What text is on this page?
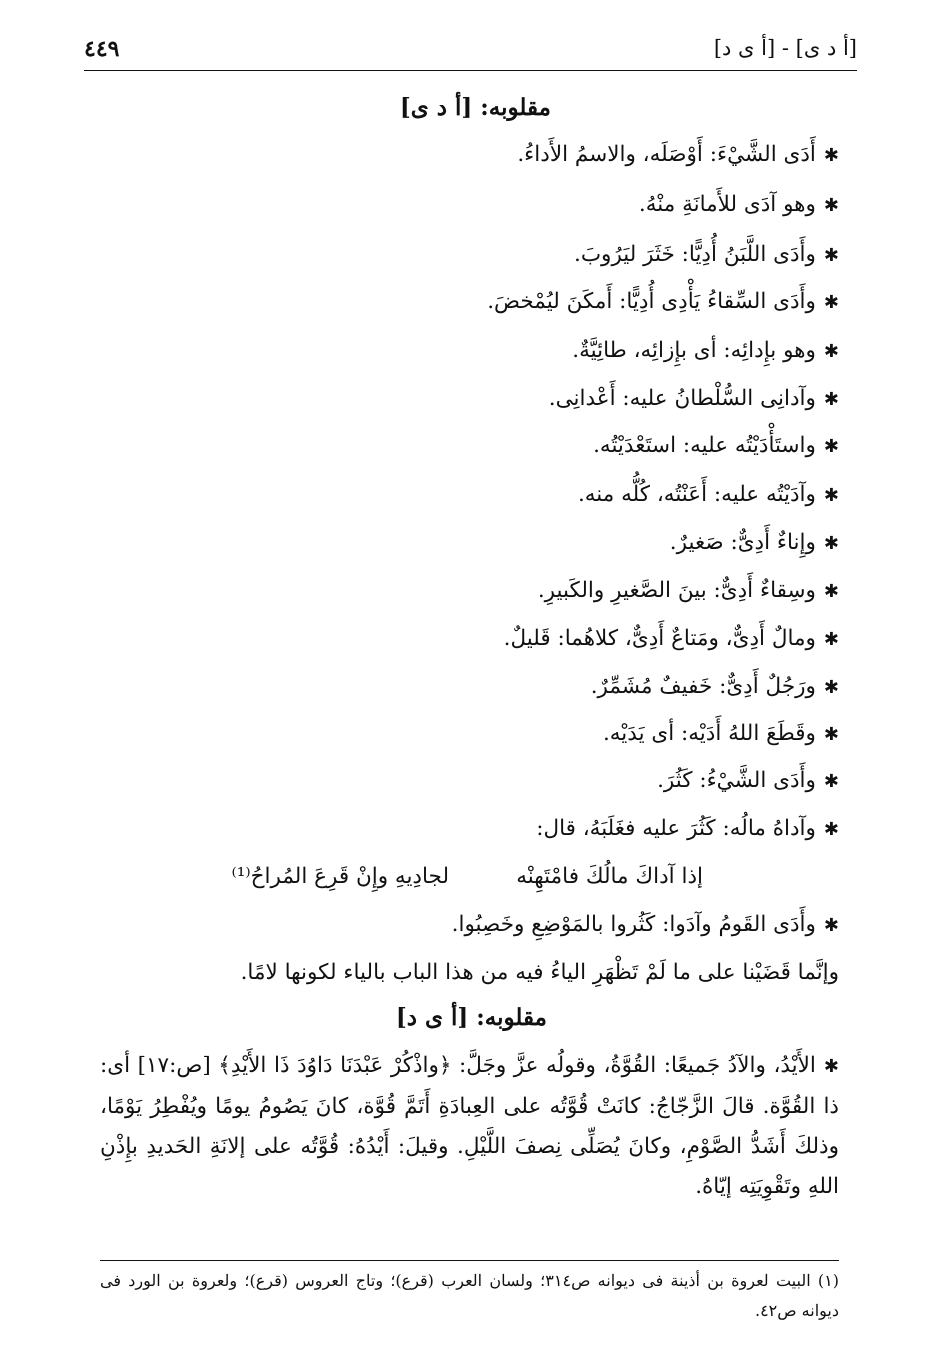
[أ د ى] - [أ ى د]
٤٤٩
مقلوبه: [أ د ى]
✱أَدَى الشَّيْءَ: أَوْصَلَه، والاسمُ الأَداءُ.
✱وهو آدَى للأَمانَةِ منْهُ.
✱وأَدَى اللَّبَنُ أُدِيًّا: خَثَرَ ليَرُوبَ.
✱وأَدَى السِّقاءُ يَأْدِى أُدِيًّا: أَمكَنَ ليُمْخضَ.
✱وهو بإِدائِه: أى بإِزائِه، طائِيَّةٌ.
✱وآدانِى السُّلْطانُ عليه: أَعْدانِى.
✱واستَأْدَيْتُه عليه: استَعْدَيْتُه.
✱وآدَيْتُه عليه: أَعَنْتُه، كُلُّه منه.
✱وإِناءٌ أَدِىٌّ: صَغيرٌ.
✱وسِقاءٌ أَدِىٌّ: بينَ الصَّغيرِ والكَبيرِ.
✱ومالٌ أَدِىٌّ، ومَتاعٌ أَدِىٌّ، كلاهُما: قَليلٌ.
✱ورَجُلٌ أَدِىٌّ: خَفيفٌ مُشَمِّرٌ.
✱وقَطَعَ اللهُ أَدَيْه: أى يَدَيْه.
✱وأَدَى الشَّيْءُ: كَثُرَ.
✱وآداهُ مالُه: كَثُرَ عليه فغَلَبَهُ، قال:
إذا آداكَ مالُكَ فامْتَهِنْه
لجادِيهِ وإِنْ قَرِعَ المُراحُ⁽¹⁾
✱وأَدَى القَومُ وآدَوا: كَثُروا بالمَوْضِعِ وخَصِبُوا.
وإنَّما قَضَيْنا على ما لَمْ تَظْهَرِ الياءُ فيه من هذا الباب بالياء لكونها لامًا.
مقلوبه: [أ ى د]
✱الأَيْدُ، والآدُ جَميعًا: القُوَّةُ، وقولُه عزَّ وجَلَّ: ﴿واذْكُرْ عَبْدَنَا دَاوُدَ ذَا الأَيْدِ﴾ [ص:١٧] أى: ذا القُوَّة. قالَ الزَّجّاجُ: كانَتْ قُوَّتُه على العِبادَةِ أَتَمَّ قُوَّة، كانَ يَصُومُ يومًا ويُفْطِرُ يَوْمًا، وذلكَ أَشَدُّ الصَّوْمِ، وكانَ يُصَلِّى نِصفَ اللَّيْلِ. وقيلَ: أَيْدُهُ: قُوَّتُه على إلانَةِ الحَديدِ بإِذْنِ اللهِ وتَقْوِيَتِه إيّاهُ.
(١) البيت لعروة بن أذينة فى ديوانه ص٣١٤؛ ولسان العرب (قرع)؛ وتاج العروس (قرع)؛ ولعروة بن الورد فى ديوانه ص٤٢.
